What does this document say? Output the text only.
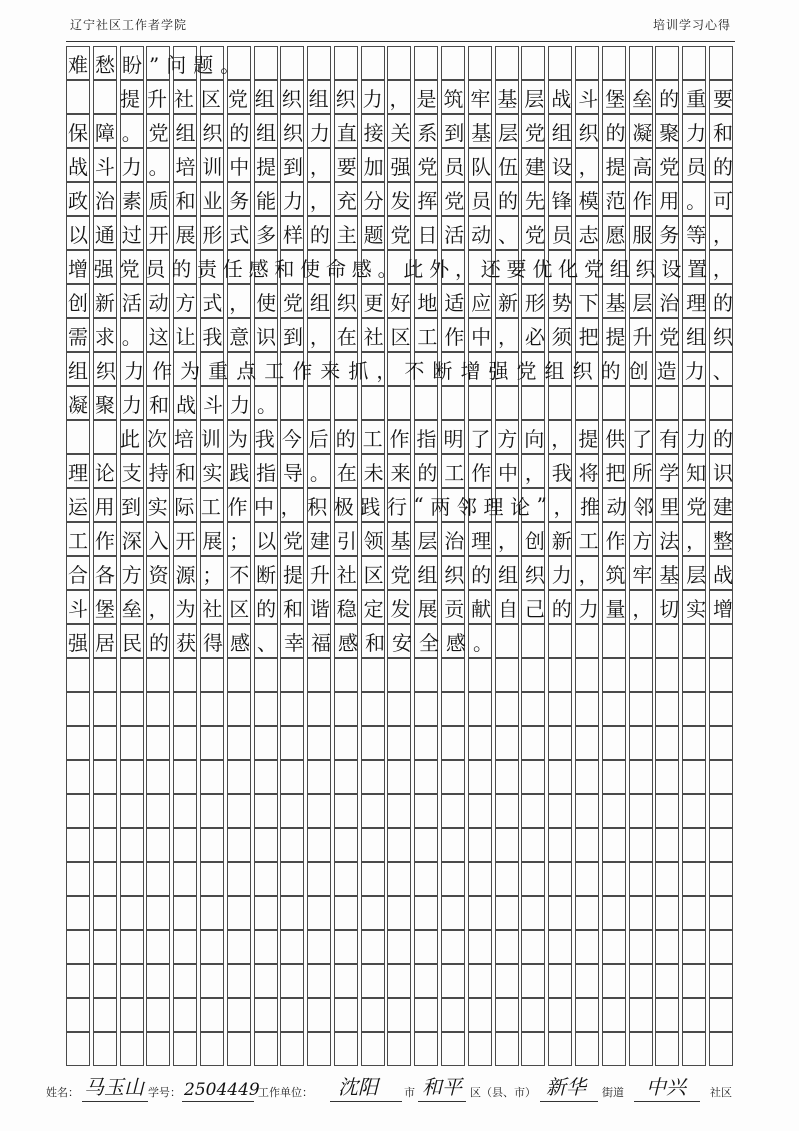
辽宁社区工作者学院	培训学习心得
难愁盼”问题。
提 升 社 区 党 组 织 组 织 力 ， 是 筑 牢 基 层 战 斗 堡 垒 的 重 要
保 障 。 党 组 织 的 组 织 力 直 接 关 系 到 基 层 党 组 织 的 凝 聚 力 和
战 斗 力 。 培 训 中 提 到 ， 要 加 强 党 员 队 伍 建 设 ， 提 高 党 员 的
政 治 素 质 和 业 务 能 力 ， 充 分 发 挥 党 员 的 先 锋 模 范 作 用 。 可
以 通 过 开 展 形 式 多 样 的 主 题 党 日 活 动 、 党 员 志 愿 服 务 等 ，
增 强 党 员 的 责 任 感 和 使 命 感 。 此 外 ， 还 要 优 化 党 组 织 设 置 ，
创 新 活 动 方 式 ， 使 党 组 织 更 好 地 适 应 新 形 势 下 基 层 治 理 的
需 求 。 这 让 我 意 识 到 ， 在 社 区 工 作 中 ， 必 须 把 提 升 党 组 织
组 织 力 作 为 重 点 工 作 来 抓 ， 不 断 增 强 党 组 织 的 创 造 力 、
凝聚力和战斗力。
此 次 培 训 为 我 今 后 的 工 作 指 明 了 方 向 ， 提 供 了 有 力 的
理 论 支 持 和 实 践 指 导 。 在 未 来 的 工 作 中 ， 我 将 把 所 学 知 识
运 用 到 实 际 工 作 中 ， 积 极 践 行 “ 两 邻 理 论 ” ， 推 动 邻 里 党 建
工 作 深 入 开 展 ； 以 党 建 引 领 基 层 治 理 ， 创 新 工 作 方 法 ， 整
合 各 方 资 源 ； 不 断 提 升 社 区 党 组 织 的 组 织 力 ， 筑 牢 基 层 战
斗 堡 垒 ， 为 社 区 的 和 谐 稳 定 发 展 贡 献 自 己 的 力 量 ， 切 实 增
强居民的获得感、幸福感和安全感。
姓名： 马玉山 学号： 2504449
工作单位： 沈阳 市 和平 区（县、市） 新华 街道 中兴 社区
